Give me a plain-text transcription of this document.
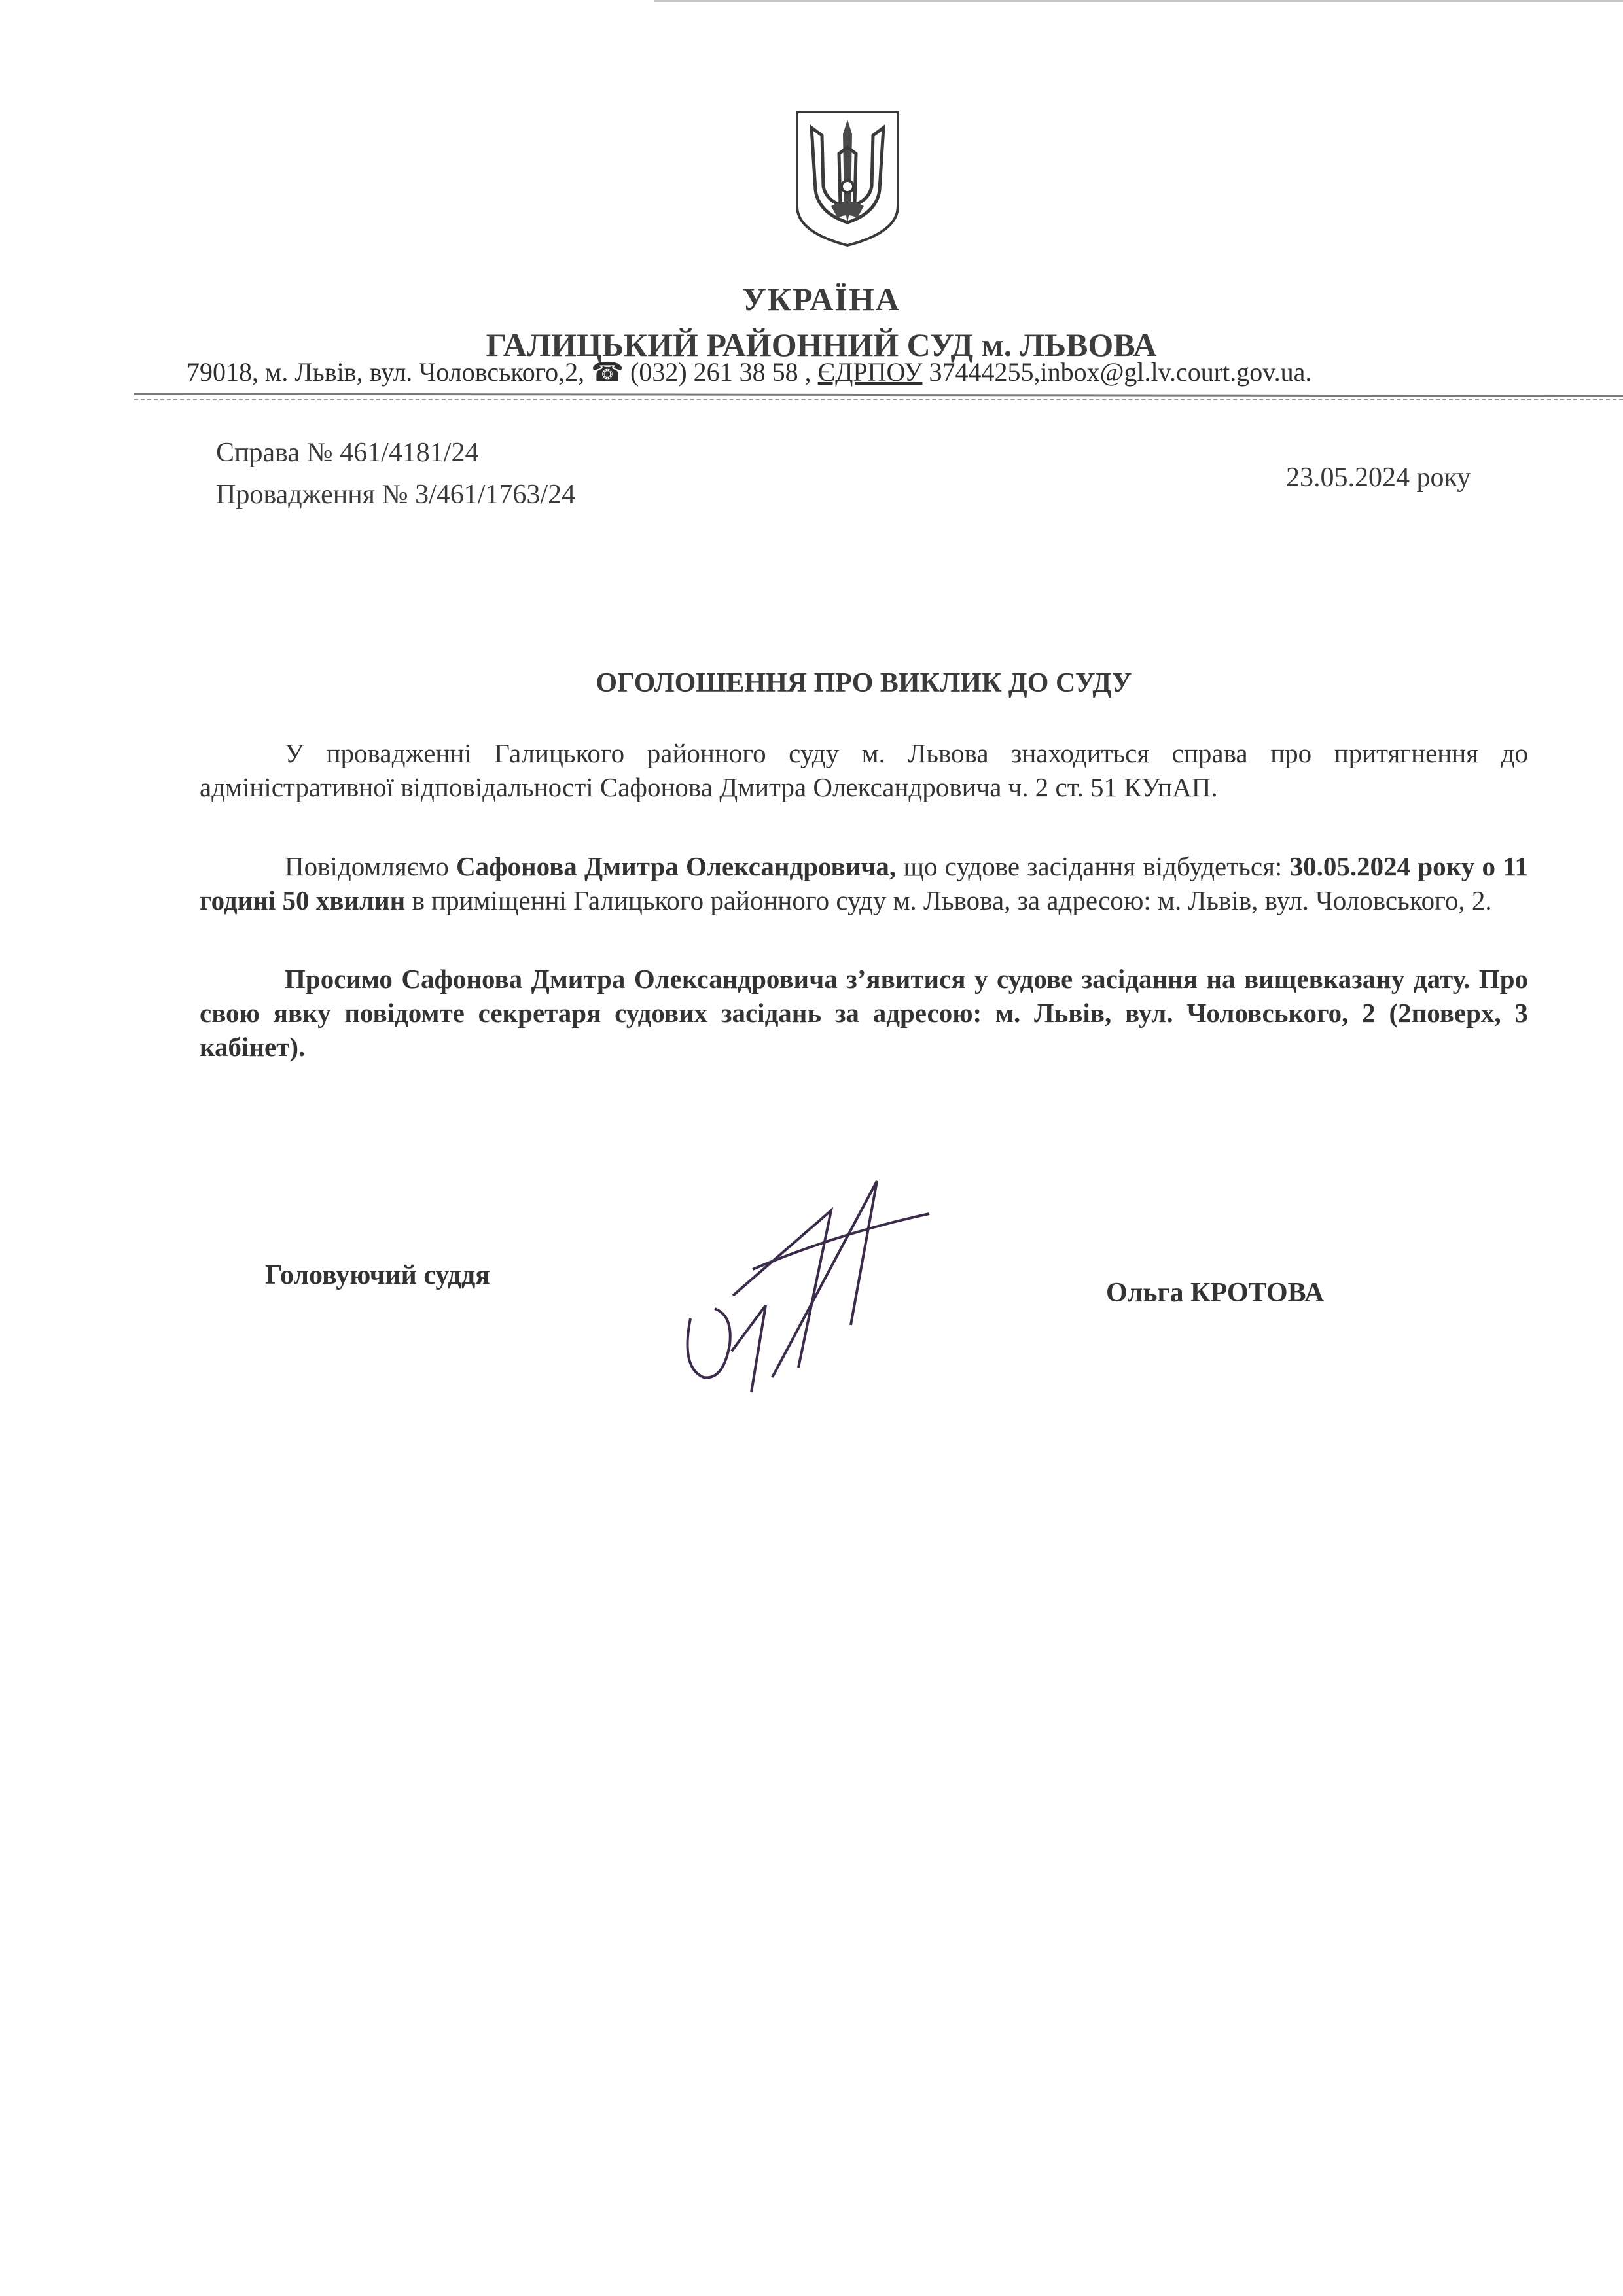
УКРАЇНА
ГАЛИЦЬКИЙ РАЙОННИЙ СУД м. ЛЬВОВА
79018, м. Львів, вул. Чоловського,2, ☎ (032) 261 38 58 , ЄДРПОУ 37444255,inbox@gl.lv.court.gov.ua.
Справа № 461/4181/24
Провадження № 3/461/1763/24
23.05.2024 року
ОГОЛОШЕННЯ ПРО ВИКЛИК ДО СУДУ
У провадженні Галицького районного суду м. Львова знаходиться справа про притягнення до адміністративної відповідальності Сафонова Дмитра Олександровича ч. 2 ст. 51 КУпАП.
Повідомляємо Сафонова Дмитра Олександровича, що судове засідання відбудеться: 30.05.2024 року о 11 годині 50 хвилин в приміщенні Галицького районного суду м. Львова, за адресою: м. Львів, вул. Чоловського, 2.
Просимо Сафонова Дмитра Олександровича з’явитися у судове засідання на вищевказану дату. Про свою явку повідомте секретаря судових засідань за адресою: м. Львів, вул. Чоловського, 2 (2поверх, 3 кабінет).
Головуючий суддя
Ольга КРОТОВА
